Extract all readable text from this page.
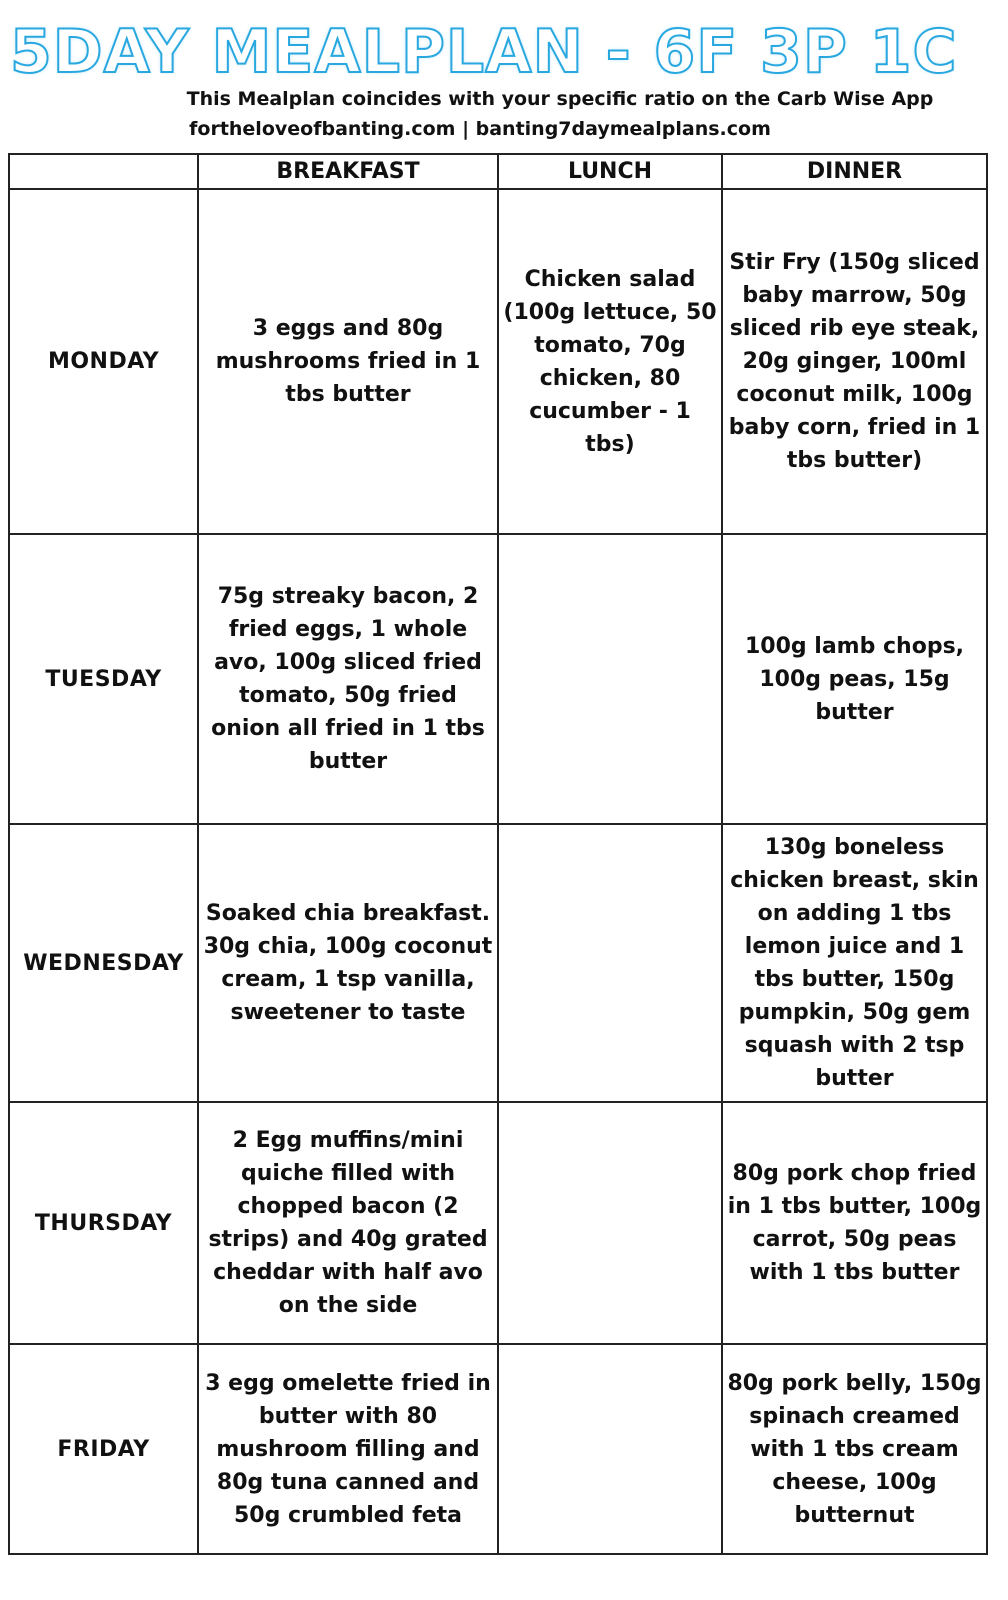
5DAY MEALPLAN - 6F 3P 1C

This Mealplan coincides with your specific ratio on the Carb Wise App

fortheloveofbanting.com | banting7daymealplans.com

	BREAKFAST	LUNCH	DINNER
MONDAY	3 eggs and 80g mushrooms fried in 1 tbs butter	Chicken salad (100g lettuce, 50 tomato, 70g chicken, 80 cucumber - 1 tbs)	Stir Fry (150g sliced baby marrow, 50g sliced rib eye steak, 20g ginger, 100ml coconut milk, 100g baby corn, fried in 1 tbs butter)
TUESDAY	75g streaky bacon, 2 fried eggs, 1 whole avo, 100g sliced fried tomato, 50g fried onion all fried in 1 tbs butter		100g lamb chops, 100g peas, 15g butter
WEDNESDAY	Soaked chia breakfast. 30g chia, 100g coconut cream, 1 tsp vanilla, sweetener to taste		130g boneless chicken breast, skin on adding 1 tbs lemon juice and 1 tbs butter, 150g pumpkin, 50g gem squash with 2 tsp butter
THURSDAY	2 Egg muffins/mini quiche filled with chopped bacon (2 strips) and 40g grated cheddar with half avo on the side		80g pork chop fried in 1 tbs butter, 100g carrot, 50g peas with 1 tbs butter
FRIDAY	3 egg omelette fried in butter with 80 mushroom filling and 80g tuna canned and 50g crumbled feta		80g pork belly, 150g spinach creamed with 1 tbs cream cheese, 100g butternut
